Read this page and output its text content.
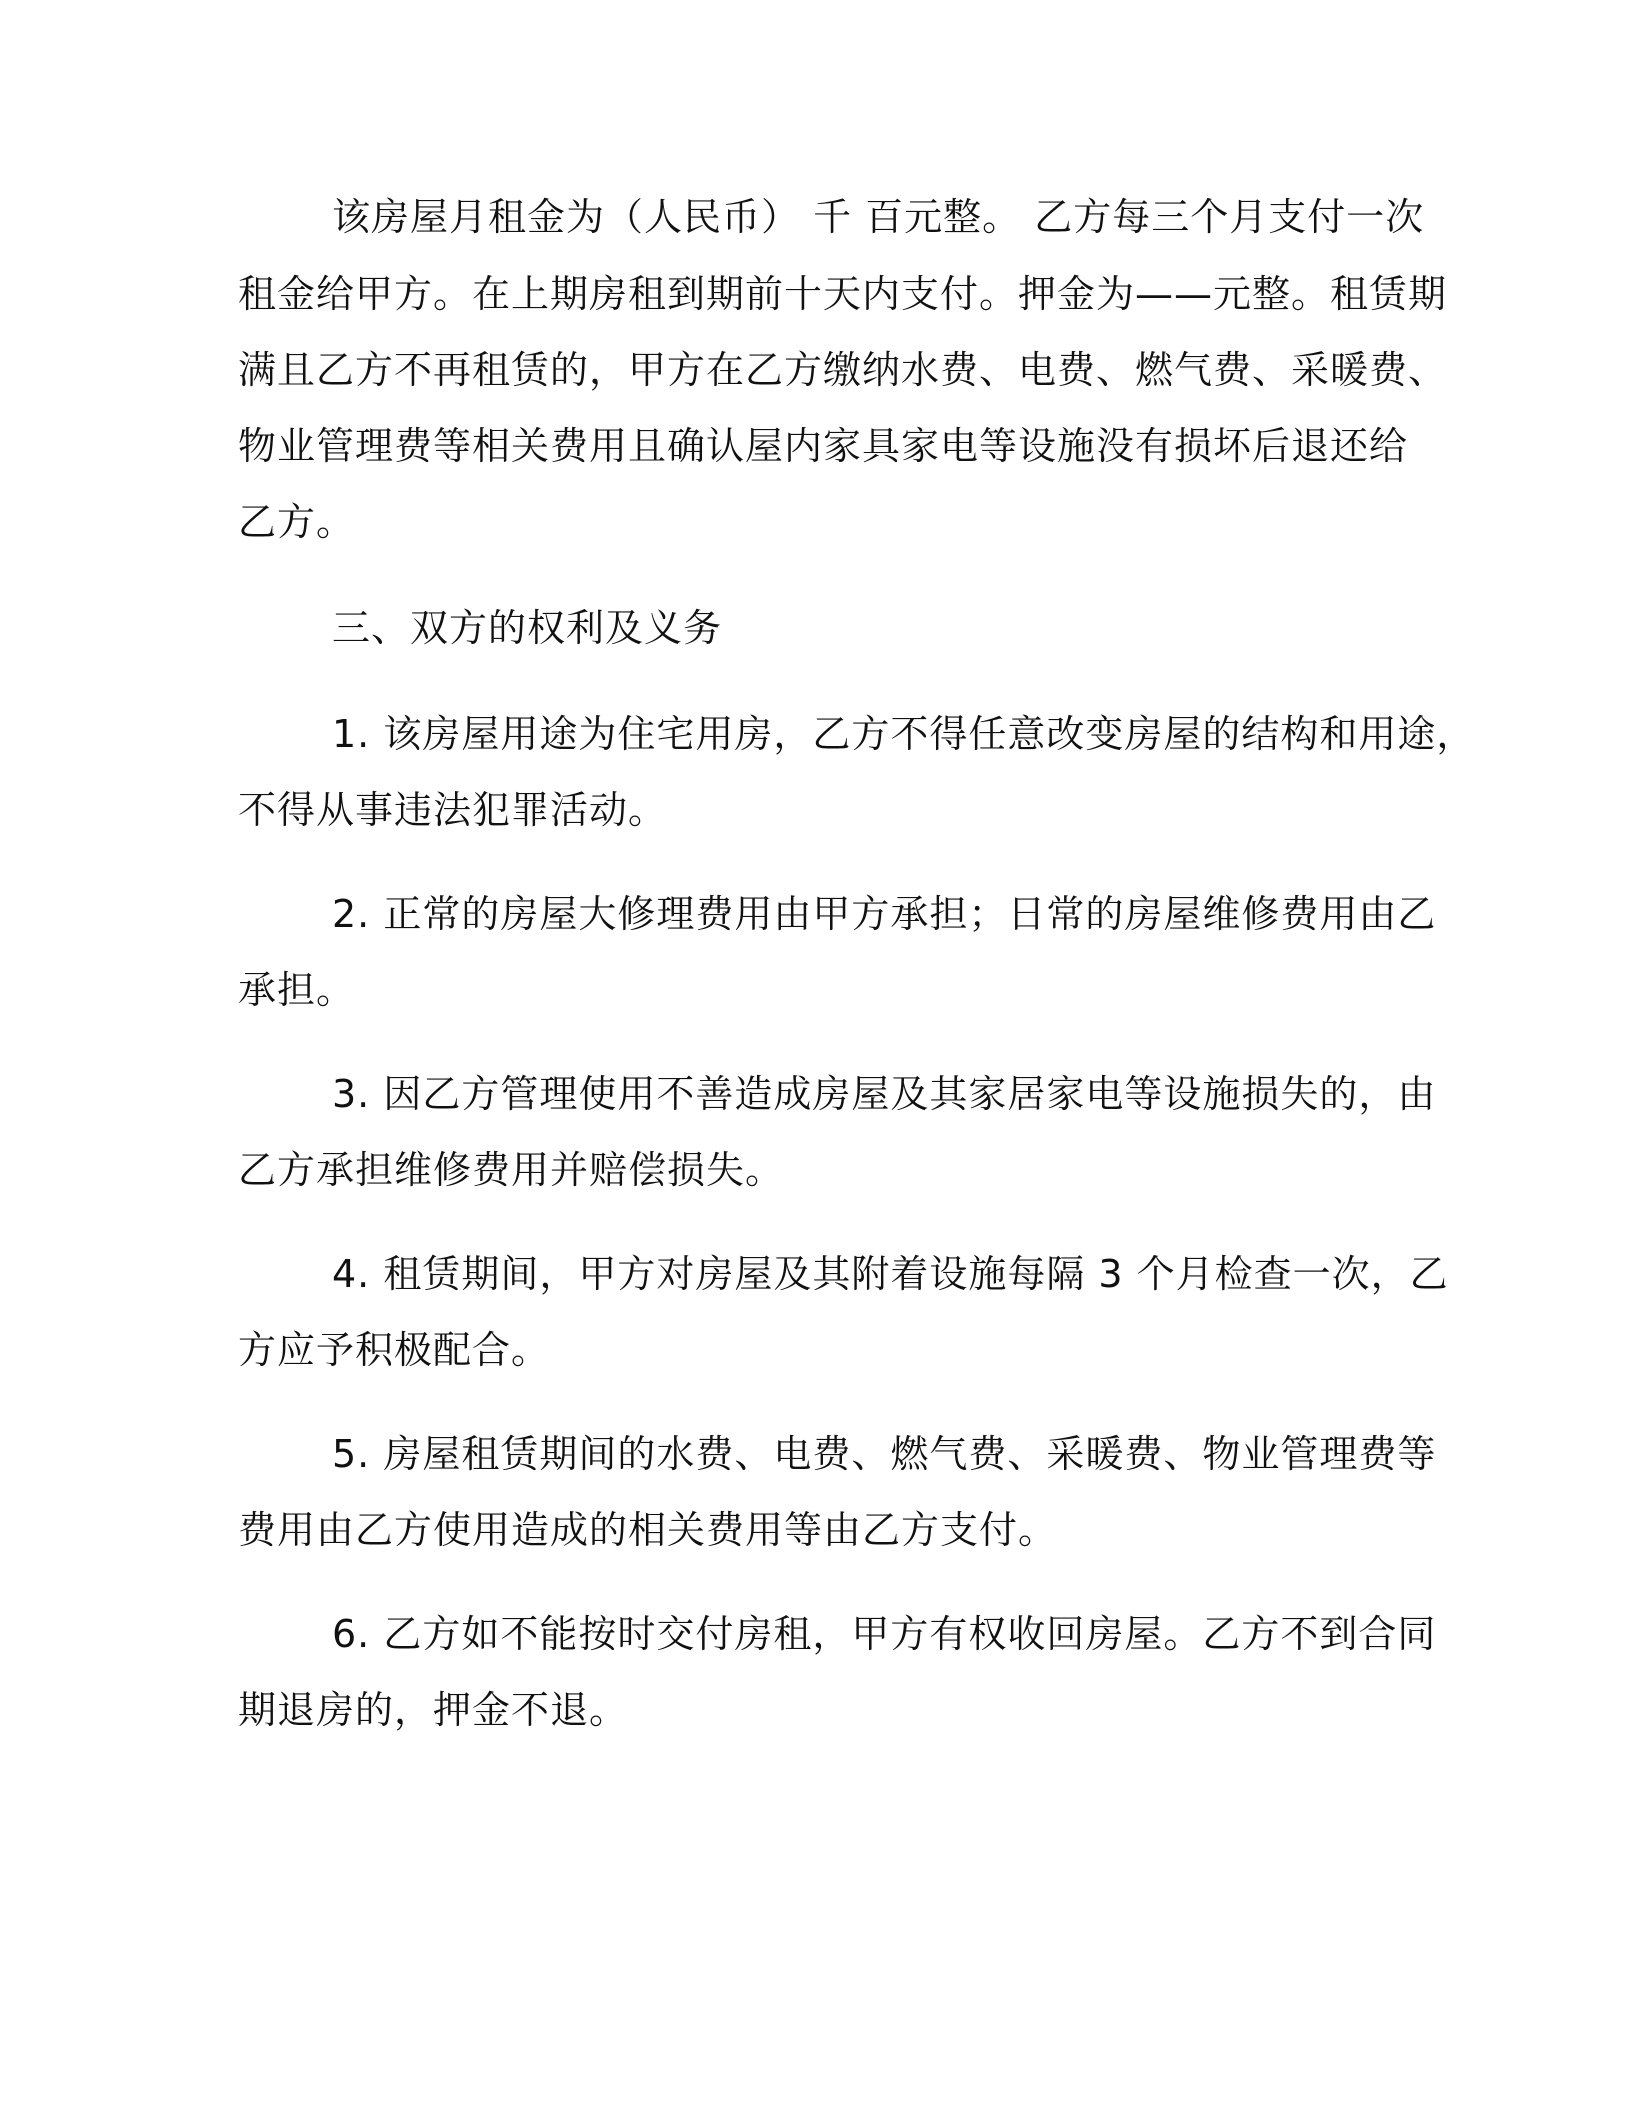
该房屋月租金为（人民币） 千 百元整。 乙方每三个月支付一次
租金给甲方。在上期房租到期前十天内支付。押金为——元整。租赁期
满且乙方不再租赁的，甲方在乙方缴纳水费、电费、燃气费、采暖费、
物业管理费等相关费用且确认屋内家具家电等设施没有损坏后退还给
乙方。
三、双方的权利及义务
1. 该房屋用途为住宅用房，乙方不得任意改变房屋的结构和用途，
不得从事违法犯罪活动。
2. 正常的房屋大修理费用由甲方承担；日常的房屋维修费用由乙
承担。
3. 因乙方管理使用不善造成房屋及其家居家电等设施损失的，由
乙方承担维修费用并赔偿损失。
4. 租赁期间，甲方对房屋及其附着设施每隔 3 个月检查一次，乙
方应予积极配合。
5. 房屋租赁期间的水费、电费、燃气费、采暖费、物业管理费等
费用由乙方使用造成的相关费用等由乙方支付。
6. 乙方如不能按时交付房租，甲方有权收回房屋。乙方不到合同
期退房的，押金不退。
